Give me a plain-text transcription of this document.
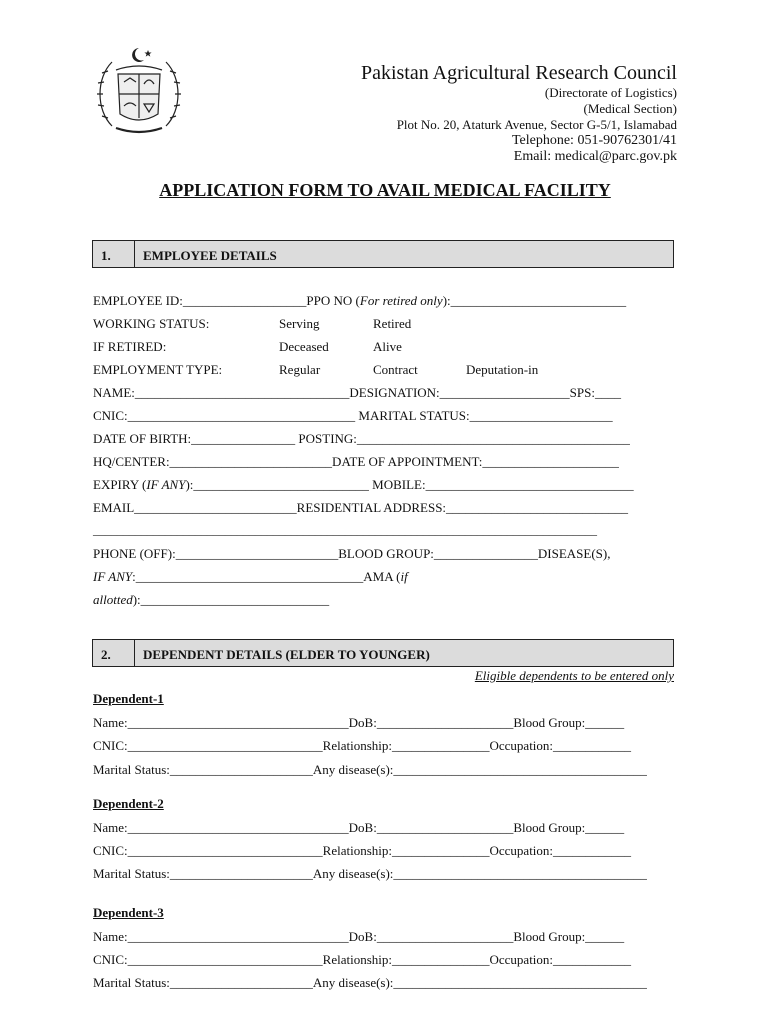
Pakistan Agricultural Research Council
(Directorate of Logistics)
(Medical Section)
Plot No. 20, Ataturk Avenue, Sector G-5/1, Islamabad
Telephone: 051-90762301/41
Email: medical@parc.gov.pk
APPLICATION FORM TO AVAIL MEDICAL FACILITY
1.	EMPLOYEE DETAILS
EMPLOYEE ID:___________________PPO NO (For retired only):___________________________
WORKING STATUS:	Serving	Retired
IF RETIRED:	Deceased	Alive
EMPLOYMENT TYPE:	Regular	Contract	Deputation-in
NAME:_________________________________DESIGNATION:____________________SPS:____
CNIC:___________________________________ MARITAL STATUS:______________________
DATE OF BIRTH:________________ POSTING:__________________________________________
HQ/CENTER:_________________________DATE OF APPOINTMENT:_____________________
EXPIRY (IF ANY):___________________________ MOBILE:________________________________
EMAIL_________________________RESIDENTIAL ADDRESS:____________________________
____________________________________________________________________________________
PHONE (OFF):_________________________BLOOD GROUP:________________DISEASE(S),
IF ANY:___________________________________AMA (if
allotted):_____________________________
2.	DEPENDENT DETAILS (ELDER TO YOUNGER)
Eligible dependents to be entered only
Dependent-1
Name:__________________________________DoB:_____________________Blood Group:______
CNIC:______________________________Relationship:_______________Occupation:____________
Marital Status:______________________Any disease(s):_______________________________________
Dependent-2
Name:__________________________________DoB:_____________________Blood Group:______
CNIC:______________________________Relationship:_______________Occupation:____________
Marital Status:______________________Any disease(s):_______________________________________
Dependent-3
Name:__________________________________DoB:_____________________Blood Group:______
CNIC:______________________________Relationship:_______________Occupation:____________
Marital Status:______________________Any disease(s):_______________________________________
